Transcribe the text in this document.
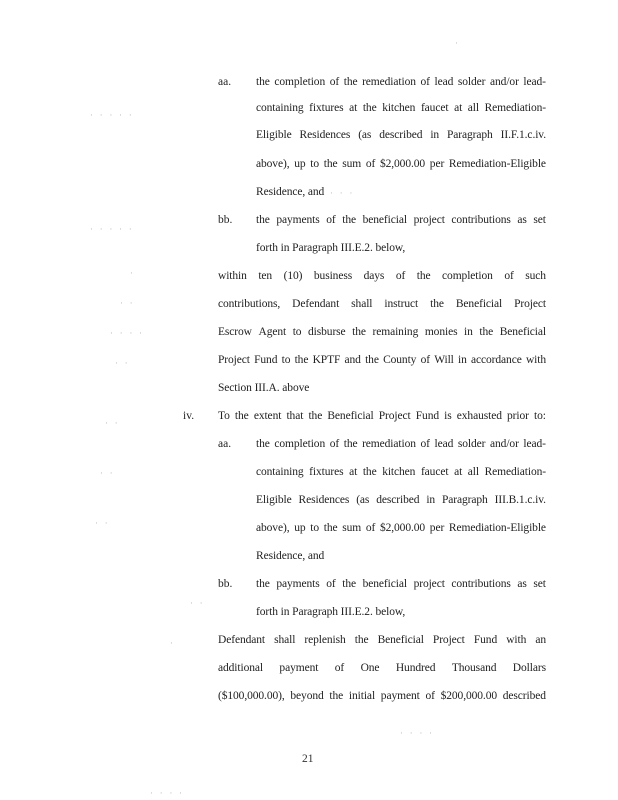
·
· · · · ·
· · · · ·
·
· ·
· · · ·
· ·
· ·
· ·
· ·
· ·
·
· · ·
· · · ·
· · · ·
aa. the completion of the remediation of lead solder and/or lead-
containing fixtures at the kitchen faucet at all Remediation-
Eligible Residences (as described in Paragraph II.F.1.c.iv.
above), up to the sum of $2,000.00 per Remediation-Eligible
Residence, and
bb. the payments of the beneficial project contributions as set
forth in Paragraph III.E.2. below,
within ten (10) business days of the completion of such
contributions, Defendant shall instruct the Beneficial Project
Escrow Agent to disburse the remaining monies in the Beneficial
Project Fund to the KPTF and the County of Will in accordance with
Section III.A. above
iv. To the extent that the Beneficial Project Fund is exhausted prior to:
aa. the completion of the remediation of lead solder and/or lead-
containing fixtures at the kitchen faucet at all Remediation-
Eligible Residences (as described in Paragraph III.B.1.c.iv.
above), up to the sum of $2,000.00 per Remediation-Eligible
Residence, and
bb. the payments of the beneficial project contributions as set
forth in Paragraph III.E.2. below,
Defendant shall replenish the Beneficial Project Fund with an
additional payment of One Hundred Thousand Dollars
($100,000.00), beyond the initial payment of $200,000.00 described
21
